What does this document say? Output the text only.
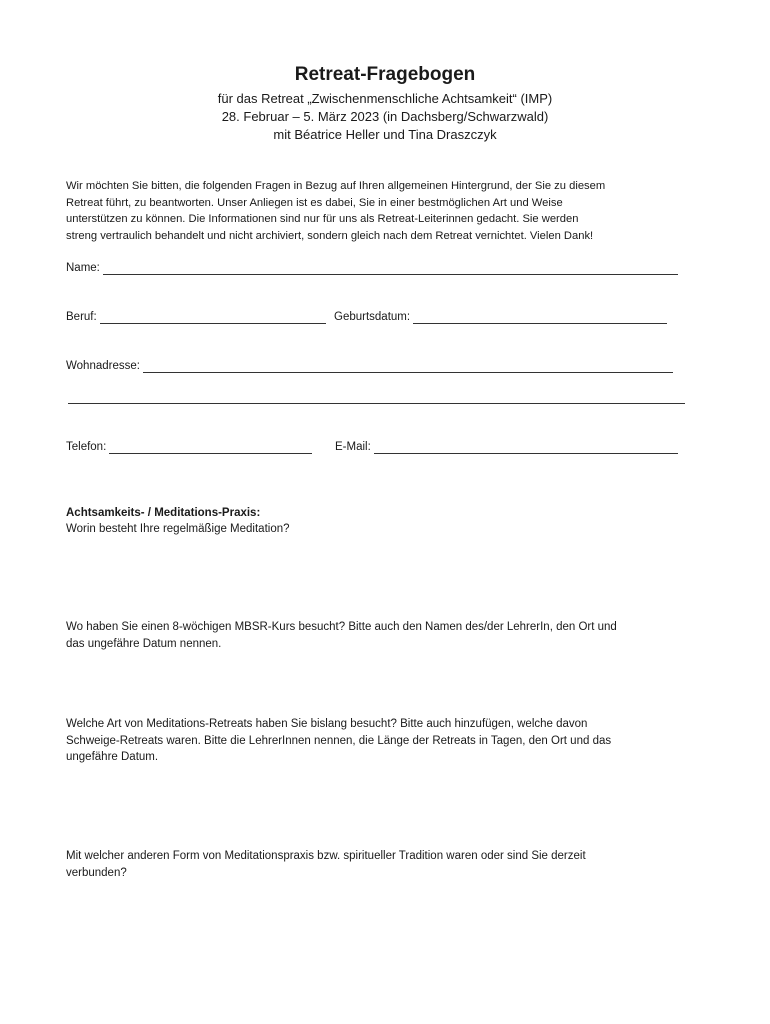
Retreat-Fragebogen
für das Retreat „Zwischenmenschliche Achtsamkeit“ (IMP)
28. Februar – 5. März 2023 (in Dachsberg/Schwarzwald)
mit Béatrice Heller und Tina Draszczyk
Wir möchten Sie bitten, die folgenden Fragen in Bezug auf Ihren allgemeinen Hintergrund, der Sie zu diesem
Retreat führt, zu beantworten. Unser Anliegen ist es dabei, Sie in einer bestmöglichen Art und Weise
unterstützen zu können. Die Informationen sind nur für uns als Retreat-Leiterinnen gedacht. Sie werden
streng vertraulich behandelt und nicht archiviert, sondern gleich nach dem Retreat vernichtet. Vielen Dank!
Name:
Beruf:	Geburtsdatum:
Wohnadresse:
Telefon:	E-Mail:
Achtsamkeits- / Meditations-Praxis:
Worin besteht Ihre regelmäßige Meditation?
Wo haben Sie einen 8-wöchigen MBSR-Kurs besucht? Bitte auch den Namen des/der LehrerIn, den Ort und
das ungefähre Datum nennen.
Welche Art von Meditations-Retreats haben Sie bislang besucht? Bitte auch hinzufügen, welche davon
Schweige-Retreats waren. Bitte die LehrerInnen nennen, die Länge der Retreats in Tagen, den Ort und das
ungefähre Datum.
Mit welcher anderen Form von Meditationspraxis bzw. spiritueller Tradition waren oder sind Sie derzeit
verbunden?
